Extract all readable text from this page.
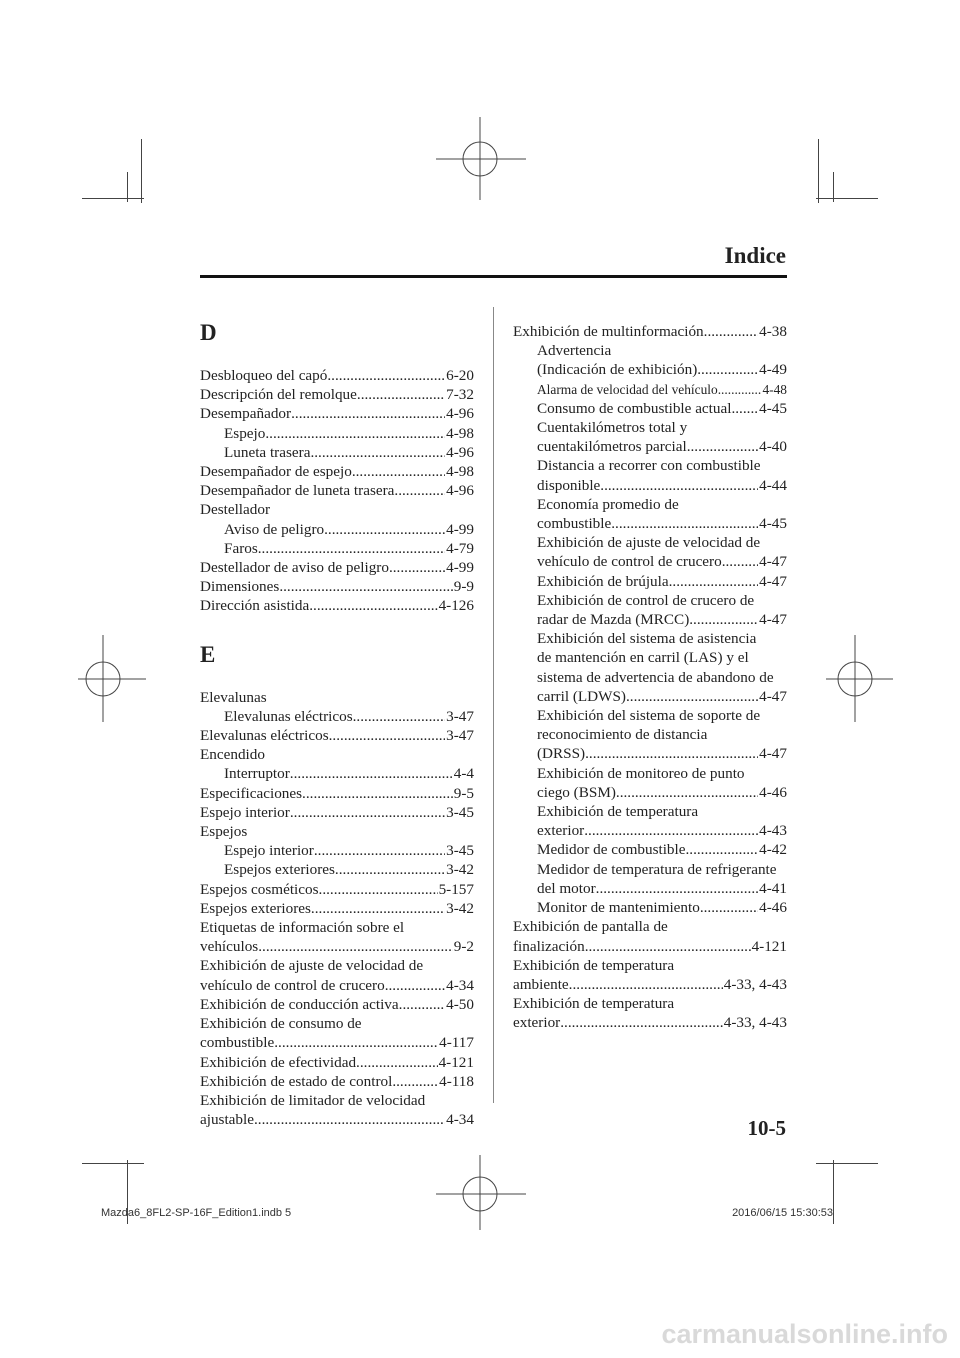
Indice
D
Desbloqueo del capó .....	6-20
Descripción del remolque .....	7-32
Desempañador .....	4-96
Espejo .....	4-98
Luneta trasera .....	4-96
Desempañador de espejo .....	4-98
Desempañador de luneta trasera .....	4-96
Destellador
Aviso de peligro .....	4-99
Faros .....	4-79
Destellador de aviso de peligro .....	4-99
Dimensiones .....	9-9
Dirección asistida .....	4-126
E
Elevalunas
Elevalunas eléctricos .....	3-47
Elevalunas eléctricos .....	3-47
Encendido
Interruptor .....	4-4
Especificaciones .....	9-5
Espejo interior .....	3-45
Espejos
Espejo interior .....	3-45
Espejos exteriores .....	3-42
Espejos cosméticos .....	5-157
Espejos exteriores .....	3-42
Etiquetas de información sobre el
vehículos .....	9-2
Exhibición de ajuste de velocidad de
vehículo de control de crucero .....	4-34
Exhibición de conducción activa .....	4-50
Exhibición de consumo de
combustible .....	4-117
Exhibición de efectividad .....	4-121
Exhibición de estado de control .....	4-118
Exhibición de limitador de velocidad
ajustable .....	4-34
Exhibición de multinformación .....	4-38
Advertencia
(Indicación de exhibición) .....	4-49
Alarma de velocidad del vehículo .....	4-48
Consumo de combustible actual ..... 4-45
Cuentakilómetros total y
cuentakilómetros parcial .....	4-40
Distancia a recorrer con combustible
disponible .....	4-44
Economía promedio de
combustible .....	4-45
Exhibición de ajuste de velocidad de
vehículo de control de crucero ..... 4-47
Exhibición de brújula .....	4-47
Exhibición de control de crucero de
radar de Mazda (MRCC) .....	4-47
Exhibición del sistema de asistencia
de mantención en carril (LAS) y el
sistema de advertencia de abandono de
carril (LDWS) .....	4-47
Exhibición del sistema de soporte de
reconocimiento de distancia
(DRSS) .....	4-47
Exhibición de monitoreo de punto
ciego (BSM) .....	4-46
Exhibición de temperatura
exterior .....	4-43
Medidor de combustible .....	4-42
Medidor de temperatura de refrigerante
del motor .....	4-41
Monitor de mantenimiento .....	4-46
Exhibición de pantalla de
finalización .....	4-121
Exhibición de temperatura
ambiente .....	4-33, 4-43
Exhibición de temperatura
exterior .....	4-33, 4-43
10-5
Mazda6_8FL2-SP-16F_Edition1.indb 5	2016/06/15 15:30:53
carmanualsonline.info
